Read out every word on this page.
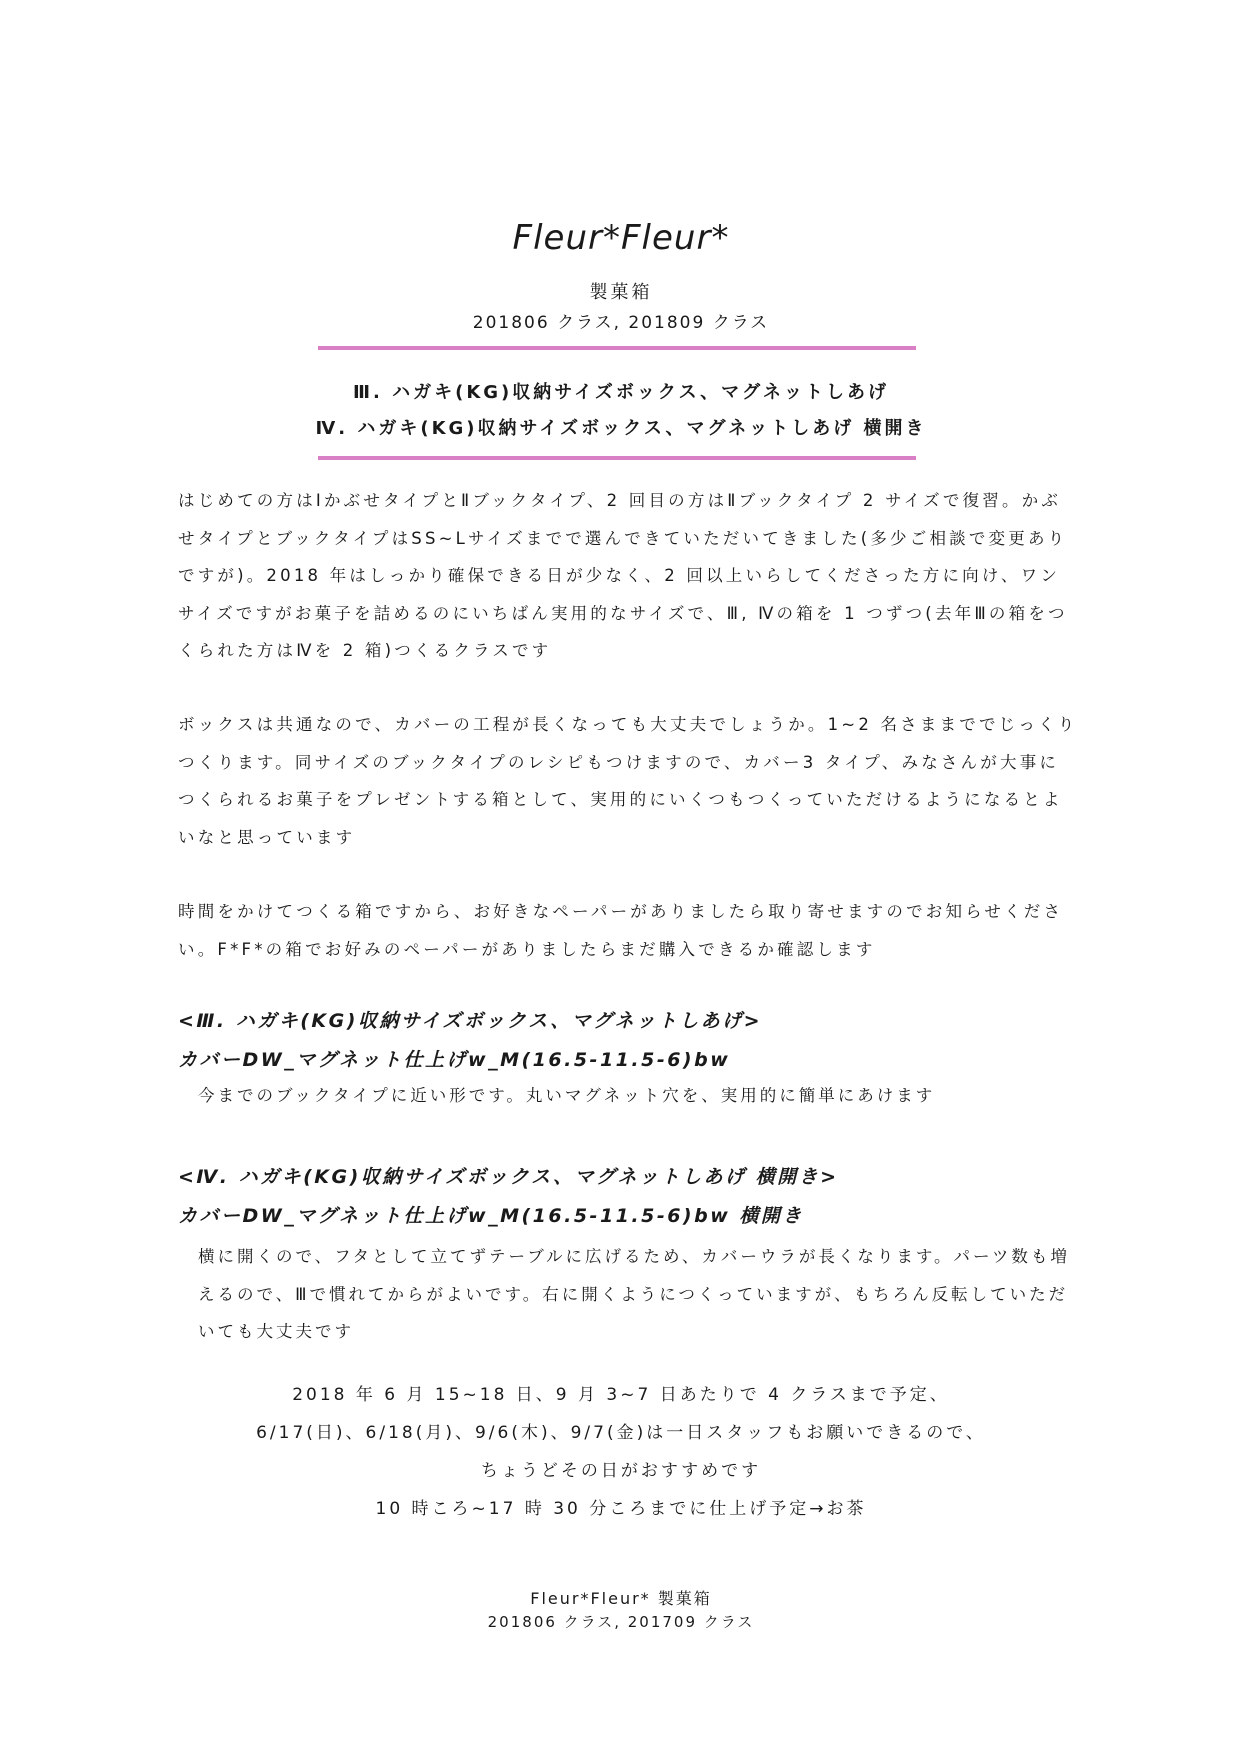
Fleur*Fleur*
製菓箱
201806 クラス, 201809 クラス
Ⅲ. ハガキ(KG)収納サイズボックス、マグネットしあげ
Ⅳ. ハガキ(KG)収納サイズボックス、マグネットしあげ 横開き

はじめての方はⅠかぶせタイプとⅡブックタイプ、2 回目の方はⅡブックタイプ 2 サイズで復習。かぶせタイプとブックタイプはSS~Lサイズまでで選んできていただいてきました(多少ご相談で変更ありですが)。2018 年はしっかり確保できる日が少なく、2 回以上いらしてくださった方に向け、ワンサイズですがお菓子を詰めるのにいちばん実用的なサイズで、Ⅲ, Ⅳの箱を 1 つずつ(去年Ⅲの箱をつくられた方はⅣを 2 箱)つくるクラスです

ボックスは共通なので、カバーの工程が長くなっても大丈夫でしょうか。1~2 名さままででじっくりつくります。同サイズのブックタイプのレシピもつけますので、カバー3 タイプ、みなさんが大事につくられるお菓子をプレゼントする箱として、実用的にいくつもつくっていただけるようになるとよいなと思っています

時間をかけてつくる箱ですから、お好きなペーパーがありましたら取り寄せますのでお知らせください。F*F*の箱でお好みのペーパーがありましたらまだ購入できるか確認します

<Ⅲ. ハガキ(KG)収納サイズボックス、マグネットしあげ>
カバーDW_マグネット仕上げw_M(16.5-11.5-6)bw
今までのブックタイプに近い形です。丸いマグネット穴を、実用的に簡単にあけます
<Ⅳ. ハガキ(KG)収納サイズボックス、マグネットしあげ 横開き>
カバーDW_マグネット仕上げw_M(16.5-11.5-6)bw 横開き

横に開くので、フタとして立てずテーブルに広げるため、カバーウラが長くなります。パーツ数も増えるので、Ⅲで慣れてからがよいです。右に開くようにつくっていますが、もちろん反転していただいても大丈夫です

2018 年 6 月 15~18 日、9 月 3~7 日あたりで 4 クラスまで予定、
6/17(日)、6/18(月)、9/6(木)、9/7(金)は一日スタッフもお願いできるので、
ちょうどその日がおすすめです
10 時ころ~17 時 30 分ころまでに仕上げ予定→お茶
Fleur*Fleur* 製菓箱
201806 クラス, 201709 クラス
